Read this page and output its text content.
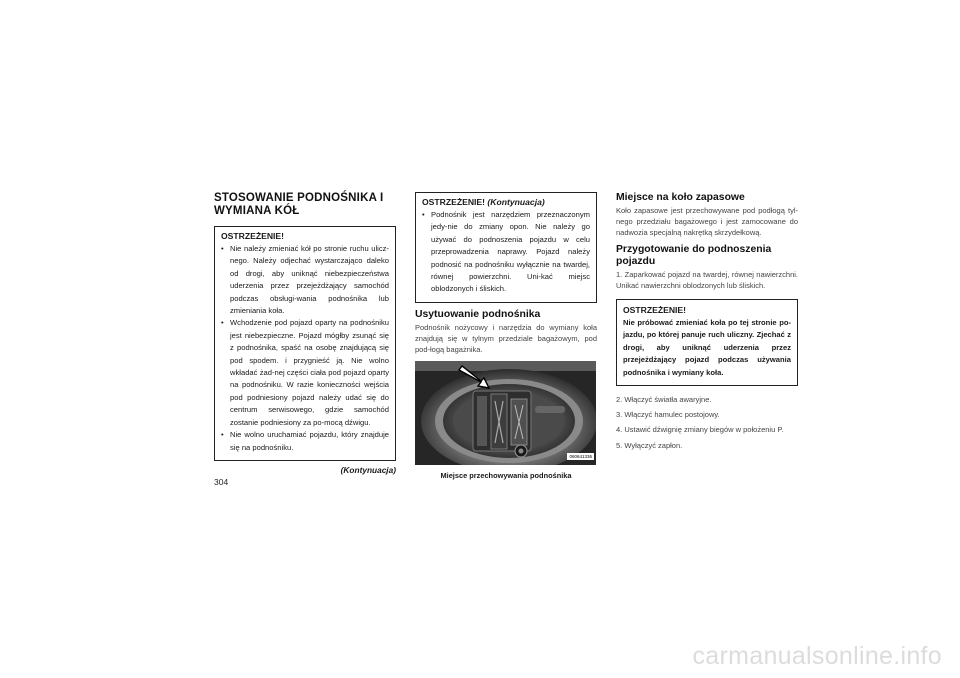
STOSOWANIE PODNOŚNIKA I
WYMIANA KÓŁ
OSTRZEŻENIE!
• Nie należy zmieniać kół po stronie ruchu ulicz-nego. Należy odjechać wystarczająco daleko od drogi, aby uniknąć niebezpieczeństwa uderzenia przez przejeżdżający samochód podczas obsługi-wania podnośnika lub zmieniania koła.
• Wchodzenie pod pojazd oparty na podnośniku jest niebezpieczne. Pojazd mógłby zsunąć się z podnośnika, spaść na osobę znajdującą się pod spodem. i przygnieść ją. Nie wolno wkładać żad-nej części ciała pod pojazd oparty na podnośniku. W razie konieczności wejścia pod podniesiony pojazd należy udać się do centrum serwisowego, gdzie samochód zostanie podniesiony za po-mocą dźwigu.
• Nie wolno uruchamiać pojazdu, który znajduje się na podnośniku.
(Kontynuacja)
OSTRZEŻENIE! (Kontynuacja)
• Podnośnik jest narzędziem przeznaczonym jedy-nie do zmiany opon. Nie należy go używać do podnoszenia pojazdu w celu przeprowadzenia naprawy. Pojazd należy podnosić na podnośniku wyłącznie na twardej, równej powierzchni. Uni-kać miejsc oblodzonych i śliskich.
Usytuowanie podnośnika
Podnośnik nożycowy i narzędzia do wymiany koła znajdują się w tylnym przedziale bagażowym, pod pod-łogą bagażnika.
060641336
Miejsce przechowywania podnośnika
Miejsce na koło zapasowe
Koło zapasowe jest przechowywane pod podłogą tyl-nego przedziału bagażowego i jest zamocowane do nadwozia specjalną nakrętką skrzydełkową.
Przygotowanie do podnoszenia
pojazdu
1. Zaparkować pojazd na twardej, równej nawierzchni. Unikać nawierzchni oblodzonych lub śliskich.
OSTRZEŻENIE!
Nie próbować zmieniać koła po tej stronie po-jazdu, po której panuje ruch uliczny. Zjechać z drogi, aby uniknąć uderzenia przez przejeżdżający pojazd podczas używania podnośnika i wymiany koła.
2. Włączyć światła awaryjne.
3. Włączyć hamulec postojowy.
4. Ustawić dźwignię zmiany biegów w położeniu P.
5. Wyłączyć zapłon.
304
carmanualsonline.info
